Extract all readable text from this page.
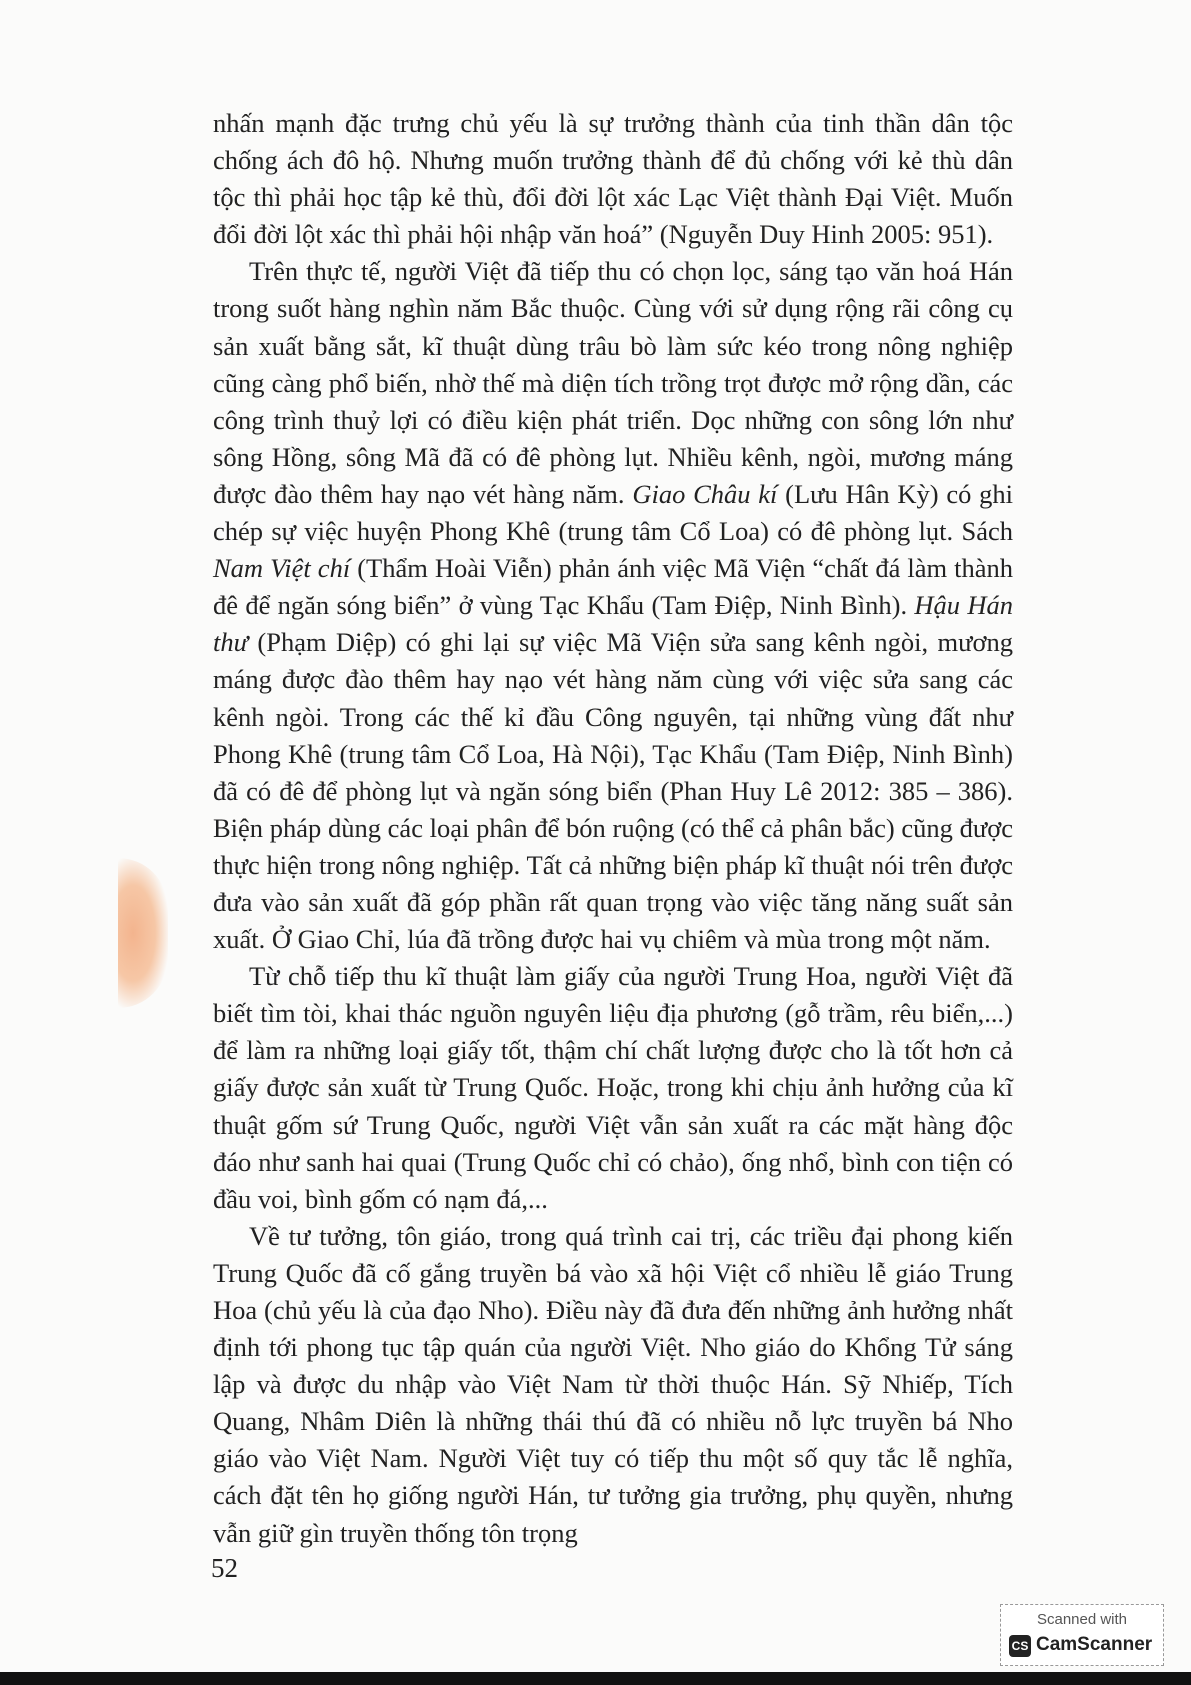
nhấn mạnh đặc trưng chủ yếu là sự trưởng thành của tinh thần dân tộc chống ách đô hộ. Nhưng muốn trưởng thành để đủ chống với kẻ thù dân tộc thì phải học tập kẻ thù, đổi đời lột xác Lạc Việt thành Đại Việt. Muốn đổi đời lột xác thì phải hội nhập văn hoá” (Nguyễn Duy Hinh 2005: 951).

Trên thực tế, người Việt đã tiếp thu có chọn lọc, sáng tạo văn hoá Hán trong suốt hàng nghìn năm Bắc thuộc. Cùng với sử dụng rộng rãi công cụ sản xuất bằng sắt, kĩ thuật dùng trâu bò làm sức kéo trong nông nghiệp cũng càng phổ biến, nhờ thế mà diện tích trồng trọt được mở rộng dần, các công trình thuỷ lợi có điều kiện phát triển. Dọc những con sông lớn như sông Hồng, sông Mã đã có đê phòng lụt. Nhiều kênh, ngòi, mương máng được đào thêm hay nạo vét hàng năm. Giao Châu kí (Lưu Hân Kỳ) có ghi chép sự việc huyện Phong Khê (trung tâm Cổ Loa) có đê phòng lụt. Sách Nam Việt chí (Thẩm Hoài Viễn) phản ánh việc Mã Viện “chất đá làm thành đê để ngăn sóng biển” ở vùng Tạc Khẩu (Tam Điệp, Ninh Bình). Hậu Hán thư (Phạm Diệp) có ghi lại sự việc Mã Viện sửa sang kênh ngòi, mương máng được đào thêm hay nạo vét hàng năm cùng với việc sửa sang các kênh ngòi. Trong các thế kỉ đầu Công nguyên, tại những vùng đất như Phong Khê (trung tâm Cổ Loa, Hà Nội), Tạc Khẩu (Tam Điệp, Ninh Bình) đã có đê để phòng lụt và ngăn sóng biển (Phan Huy Lê 2012: 385 – 386). Biện pháp dùng các loại phân để bón ruộng (có thể cả phân bắc) cũng được thực hiện trong nông nghiệp. Tất cả những biện pháp kĩ thuật nói trên được đưa vào sản xuất đã góp phần rất quan trọng vào việc tăng năng suất sản xuất. Ở Giao Chỉ, lúa đã trồng được hai vụ chiêm và mùa trong một năm.

Từ chỗ tiếp thu kĩ thuật làm giấy của người Trung Hoa, người Việt đã biết tìm tòi, khai thác nguồn nguyên liệu địa phương (gỗ trầm, rêu biển,...) để làm ra những loại giấy tốt, thậm chí chất lượng được cho là tốt hơn cả giấy được sản xuất từ Trung Quốc. Hoặc, trong khi chịu ảnh hưởng của kĩ thuật gốm sứ Trung Quốc, người Việt vẫn sản xuất ra các mặt hàng độc đáo như sanh hai quai (Trung Quốc chỉ có chảo), ống nhổ, bình con tiện có đầu voi, bình gốm có nạm đá,...

Về tư tưởng, tôn giáo, trong quá trình cai trị, các triều đại phong kiến Trung Quốc đã cố gắng truyền bá vào xã hội Việt cổ nhiều lễ giáo Trung Hoa (chủ yếu là của đạo Nho). Điều này đã đưa đến những ảnh hưởng nhất định tới phong tục tập quán của người Việt. Nho giáo do Khổng Tử sáng lập và được du nhập vào Việt Nam từ thời thuộc Hán. Sỹ Nhiếp, Tích Quang, Nhâm Diên là những thái thú đã có nhiều nỗ lực truyền bá Nho giáo vào Việt Nam. Người Việt tuy có tiếp thu một số quy tắc lễ nghĩa, cách đặt tên họ giống người Hán, tư tưởng gia trưởng, phụ quyền, nhưng vẫn giữ gìn truyền thống tôn trọng

52
Scanned with
CS CamScanner
